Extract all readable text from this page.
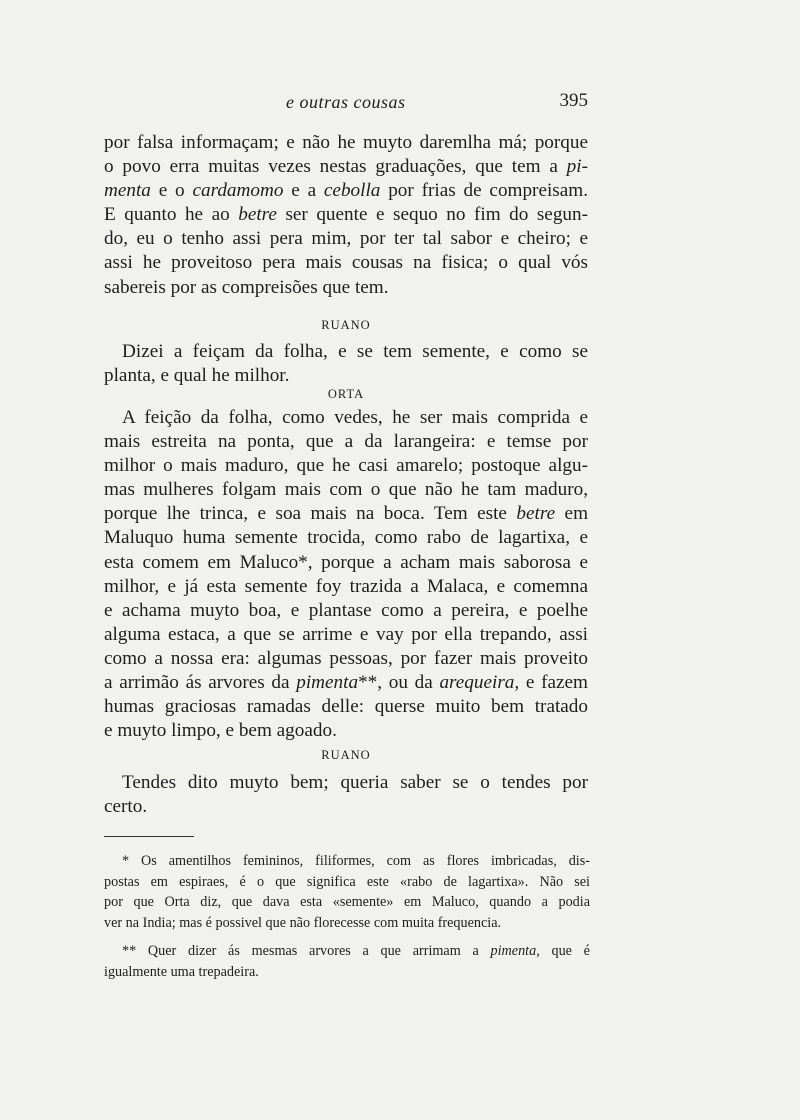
e outras cousas	395

por falsa informaçam; e não he muyto daremlha má; porque
o povo erra muitas vezes nestas graduações, que tem a pi-
menta e o cardamomo e a cebolla por frias de compreisam.
E quanto he ao betre ser quente e sequo no fim do segun-
do, eu o tenho assi pera mim, por ter tal sabor e cheiro; e
assi he proveitoso pera mais cousas na fisica; o qual vós
sabereis por as compreisões que tem.

RUANO

Dizei a feiçam da folha, e se tem semente, e como se
planta, e qual he milhor.

ORTA

A feição da folha, como vedes, he ser mais comprida e
mais estreita na ponta, que a da larangeira: e temse por
milhor o mais maduro, que he casi amarelo; postoque algu-
mas mulheres folgam mais com o que não he tam maduro,
porque lhe trinca, e soa mais na boca. Tem este betre em
Maluquo huma semente trocida, como rabo de lagartixa, e
esta comem em Maluco*, porque a acham mais saborosa e
milhor, e já esta semente foy trazida a Malaca, e comemna
e achama muyto boa, e plantase como a pereira, e poelhe
alguma estaca, a que se arrime e vay por ella trepando, assi
como a nossa era: algumas pessoas, por fazer mais proveito
a arrimão ás arvores da pimenta**, ou da arequeira, e fazem
humas graciosas ramadas delle: querse muito bem tratado
e muyto limpo, e bem agoado.

RUANO

Tendes dito muyto bem; queria saber se o tendes por
certo.

* Os amentilhos femininos, filiformes, com as flores imbricadas, dis-
postas em espiraes, é o que significa este «rabo de lagartixa». Não sei
por que Orta diz, que dava esta «semente» em Maluco, quando a podia
ver na India; mas é possivel que não florecesse com muita frequencia.
** Quer dizer ás mesmas arvores a que arrimam a pimenta, que é
igualmente uma trepadeira.
